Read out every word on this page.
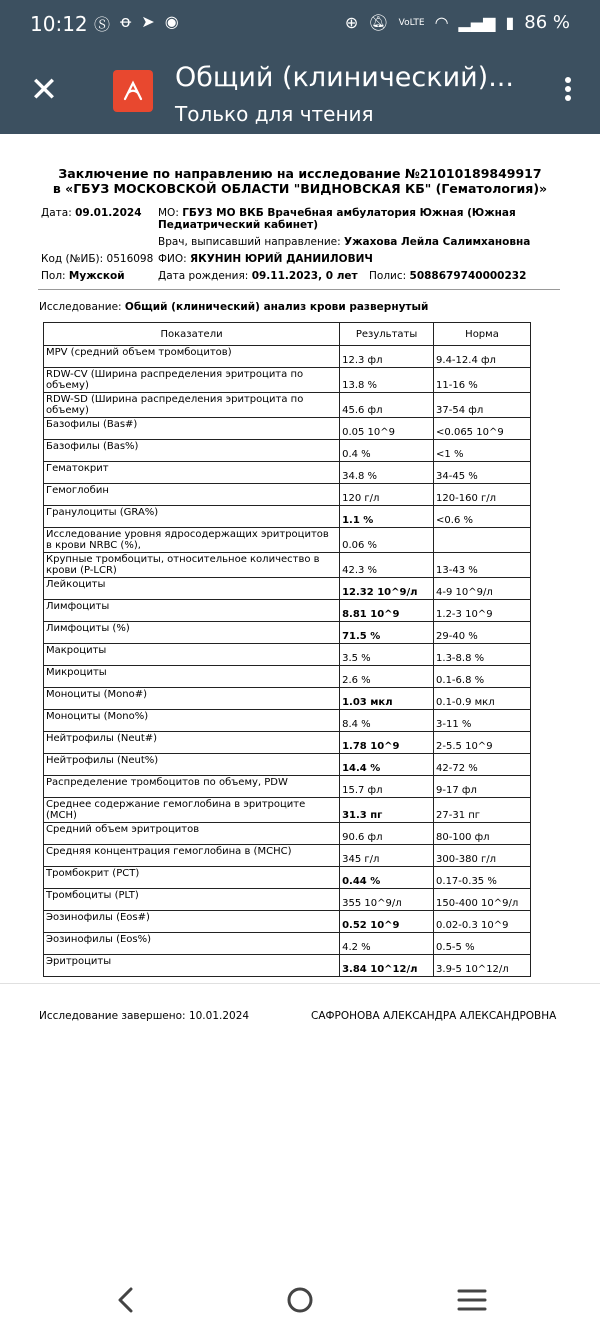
10:12 Ⓢ ꝋ ➤ ◉	⊕ 🔕︎ VoLTE ◠ ▂▄▆ ▮ 86 %
✕	Общий (клинический)...
Только для чтения
Заключение по направлению на исследование №21010189849917
в «ГБУЗ МОСКОВСКОЙ ОБЛАСТИ "ВИДНОВСКАЯ КБ" (Гематология)»
Дата: 09.01.2024 МО: ГБУЗ МО ВКБ Врачебная амбулатория Южная (Южная
Педиатрический кабинет)
Врач, выписавший направление: Ужахова Лейла Салимхановна
Код (№ИБ): 0516098 ФИО: ЯКУНИН ЮРИЙ ДАНИИЛОВИЧ
Пол: Мужской	Дата рождения: 09.11.2023, 0 лет Полис: 5088679740000232
Исследование: Общий (клинический) анализ крови развернутый
Показатели	Результаты	Норма
MPV (средний объем тромбоцитов)	12.3 фл	9.4-12.4 фл
RDW-CV (Ширина распределения эритроцита по объему)	13.8 %	11-16 %
RDW-SD (Ширина распределения эритроцита по объему)	45.6 фл	37-54 фл
Базофилы (Bas#)	0.05 10^9	<0.065 10^9
Базофилы (Bas%)	0.4 %	<1 %
Гематокрит	34.8 %	34-45 %
Гемоглобин	120 г/л	120-160 г/л
Гранулоциты (GRA%)	1.1 %	<0.6 %
Исследование уровня ядросодержащих эритроцитов в крови NRBC (%),	0.06 %	
Крупные тромбоциты, относительное количество в крови (P-LCR)	42.3 %	13-43 %
Лейкоциты	12.32 10^9/л	4-9 10^9/л
Лимфоциты	8.81 10^9	1.2-3 10^9
Лимфоциты (%)	71.5 %	29-40 %
Макроциты	3.5 %	1.3-8.8 %
Микроциты	2.6 %	0.1-6.8 %
Моноциты (Mono#)	1.03 мкл	0.1-0.9 мкл
Моноциты (Mono%)	8.4 %	3-11 %
Нейтрофилы (Neut#)	1.78 10^9	2-5.5 10^9
Нейтрофилы (Neut%)	14.4 %	42-72 %
Распределение тромбоцитов по объему, PDW	15.7 фл	9-17 фл
Среднее содержание гемоглобина в эритроците (MCH)	31.3 пг	27-31 пг
Средний объем эритроцитов	90.6 фл	80-100 фл
Средняя концентрация гемоглобина в (MCHC)	345 г/л	300-380 г/л
Тромбокрит (PCT)	0.44 %	0.17-0.35 %
Тромбоциты (PLT)	355 10^9/л	150-400 10^9/л
Эозинофилы (Eos#)	0.52 10^9	0.02-0.3 10^9
Эозинофилы (Eos%)	4.2 %	0.5-5 %
Эритроциты	3.84 10^12/л	3.9-5 10^12/л
Исследование завершено: 10.01.2024	САФРОНОВА АЛЕКСАНДРА АЛЕКСАНДРОВНА
